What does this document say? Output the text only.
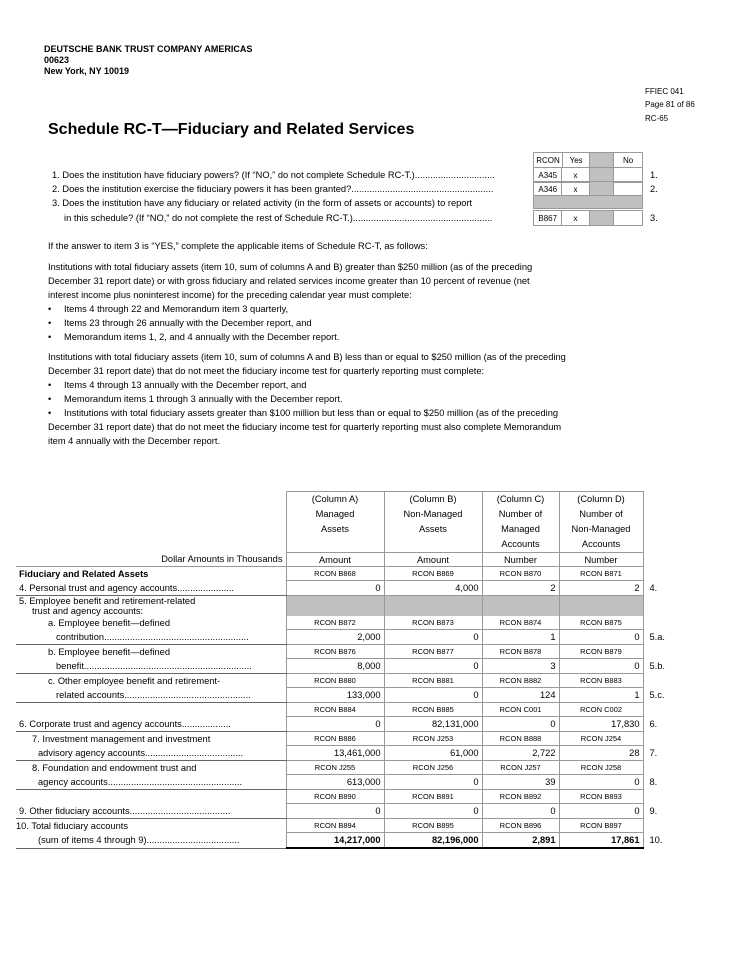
DEUTSCHE BANK TRUST COMPANY AMERICAS
00623
New York, NY 10019
FFIEC 041
Page 81 of 86
RC-65
Schedule RC-T—Fiduciary and Related Services
RCON	Yes		No
1. Does the institution have fiduciary powers? (If “NO,” do not complete Schedule RC-T.)...............................	A345	x			1.
2. Does the institution exercise the fiduciary powers it has been granted?.......................................................	A346	x			2.
3. Does the institution have any fiduciary or related activity (in the form of assets or accounts) to report
in this schedule? (If “NO,” do not complete the rest of Schedule RC-T.)......................................................	B867	x			3.
If the answer to item 3 is “YES,” complete the applicable items of Schedule RC-T, as follows:
Institutions with total fiduciary assets (item 10, sum of columns A and B) greater than $250 million (as of the preceding
December 31 report date) or with gross fiduciary and related services income greater than 10 percent of revenue (net
interest income plus noninterest income) for the preceding calendar year must complete:
• Items 4 through 22 and Memorandum item 3 quarterly,
• Items 23 through 26 annually with the December report, and
• Memorandum items 1, 2, and 4 annually with the December report.
Institutions with total fiduciary assets (item 10, sum of columns A and B) less than or equal to $250 million (as of the preceding
December 31 report date) that do not meet the fiduciary income test for quarterly reporting must complete:
• Items 4 through 13 annually with the December report, and
• Memorandum items 1 through 3 annually with the December report.
• Institutions with total fiduciary assets greater than $100 million but less than or equal to $250 million (as of the preceding
December 31 report date) that do not meet the fiduciary income test for quarterly reporting must also complete Memorandum
item 4 annually with the December report.
	(Column A)
Managed
Assets	(Column B)
Non-Managed
Assets	(Column C)
Number of
Managed
Accounts	(Column D)
Number of
Non-Managed
Accounts	
Dollar Amounts in Thousands	Amount	Amount	Number	Number	
Fiduciary and Related Assets	RCON B868	RCON B869	RCON B870	RCON B871	
4. Personal trust and agency accounts......................	0	4,000	2	2	4.
5. Employee benefit and retirement-related					
trust and agency accounts:					
a. Employee benefit—defined	RCON B872	RCON B873	RCON B874	RCON B875	
contribution........................................................	2,000	0	1	0	5.a.
b. Employee benefit—defined	RCON B876	RCON B877	RCON B878	RCON B879	
benefit.................................................................	8,000	0	3	0	5.b.
c. Other employee benefit and retirement-	RCON B880	RCON B881	RCON B882	RCON B883	
related accounts.................................................	133,000	0	124	1	5.c.
	RCON B884	RCON B885	RCON C001	RCON C002	
6. Corporate trust and agency accounts...................	0	82,131,000	0	17,830	6.
7. Investment management and investment	RCON B886	RCON J253	RCON B888	RCON J254	
advisory agency accounts......................................	13,461,000	61,000	2,722	28	7.
8. Foundation and endowment trust and	RCON J255	RCON J256	RCON J257	RCON J258	
agency accounts....................................................	613,000	0	39	0	8.
	RCON B890	RCON B891	RCON B892	RCON B893	
9. Other fiduciary accounts.......................................	0	0	0	0	9.
10. Total fiduciary accounts	RCON B894	RCON B895	RCON B896	RCON B897	
(sum of items 4 through 9)....................................	14,217,000	82,196,000	2,891	17,861	10.
